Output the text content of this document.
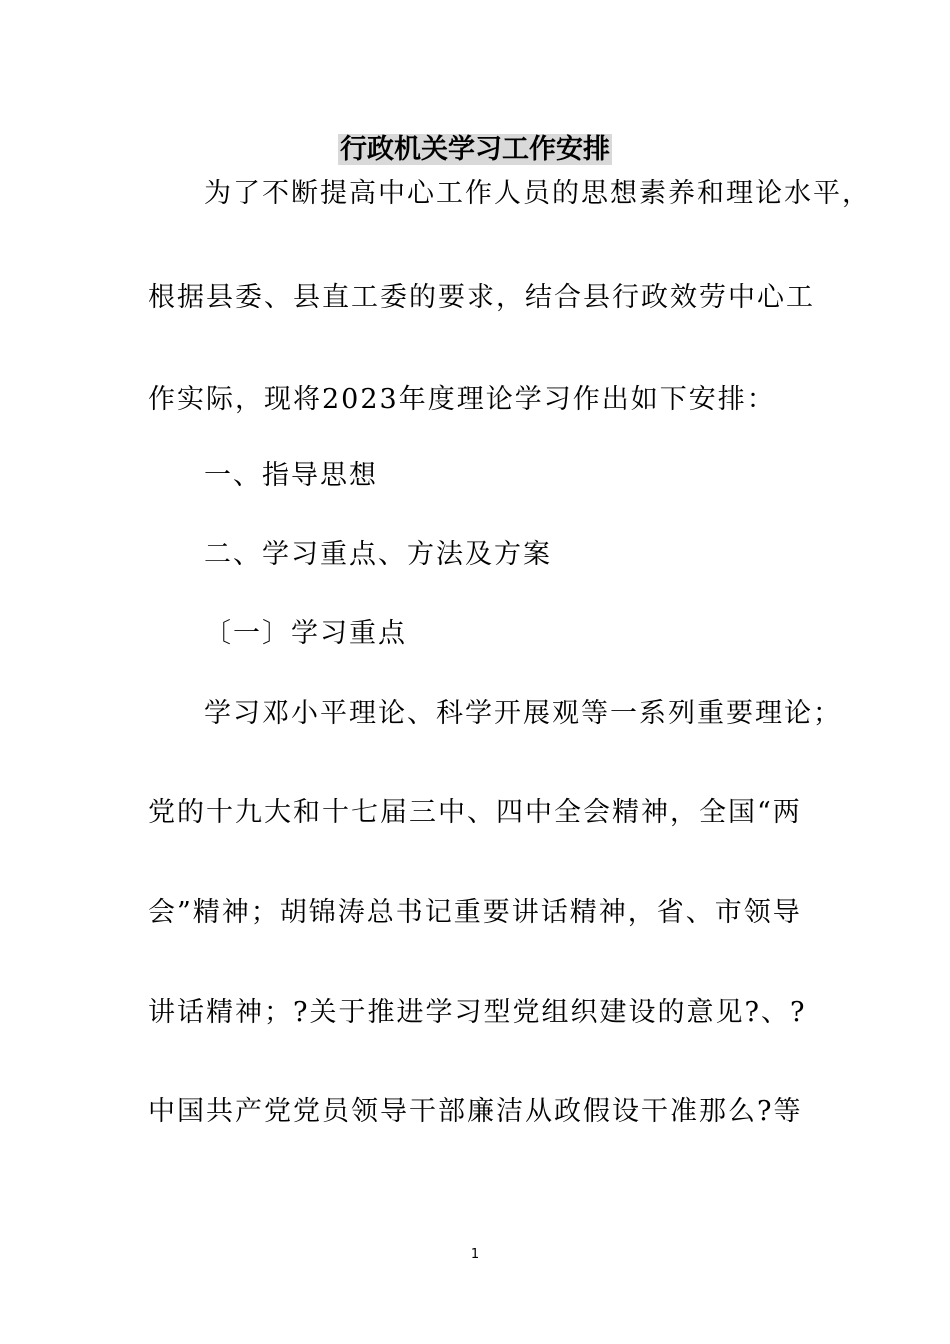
行政机关学习工作安排
为了不断提高中心工作人员的思想素养和理论水平，
根据县委、县直工委的要求，结合县行政效劳中心工
作实际，现将2023年度理论学习作出如下安排：
一、指导思想
二、学习重点、方法及方案
〔一〕学习重点
学习邓小平理论、科学开展观等一系列重要理论；
党的十九大和十七届三中、四中全会精神，全国“两
会”精神；胡锦涛总书记重要讲话精神，省、市领导
讲话精神；?关于推进学习型党组织建设的意见?、?
中国共产党党员领导干部廉洁从政假设干准那么?等
1
